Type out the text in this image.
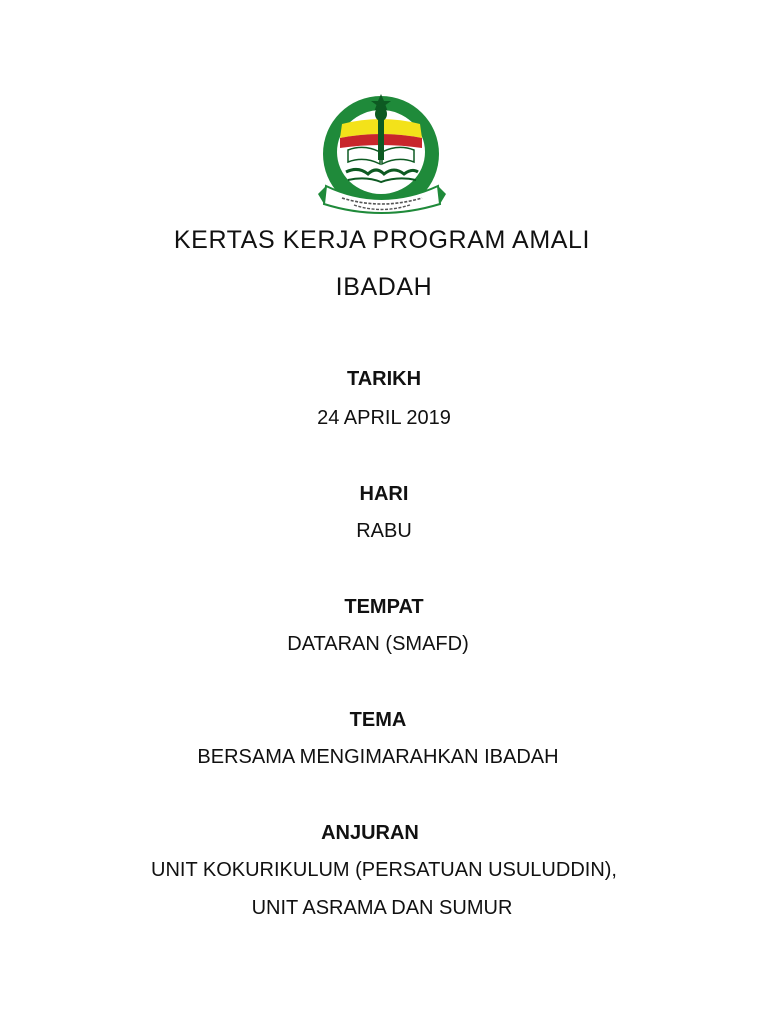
KERTAS KERJA PROGRAM AMALI
IBADAH
TARIKH
24 APRIL 2019
HARI
RABU
TEMPAT
DATARAN (SMAFD)
TEMA
BERSAMA MENGIMARAHKAN IBADAH
ANJURAN
UNIT KOKURIKULUM (PERSATUAN USULUDDIN),
UNIT ASRAMA DAN SUMUR
